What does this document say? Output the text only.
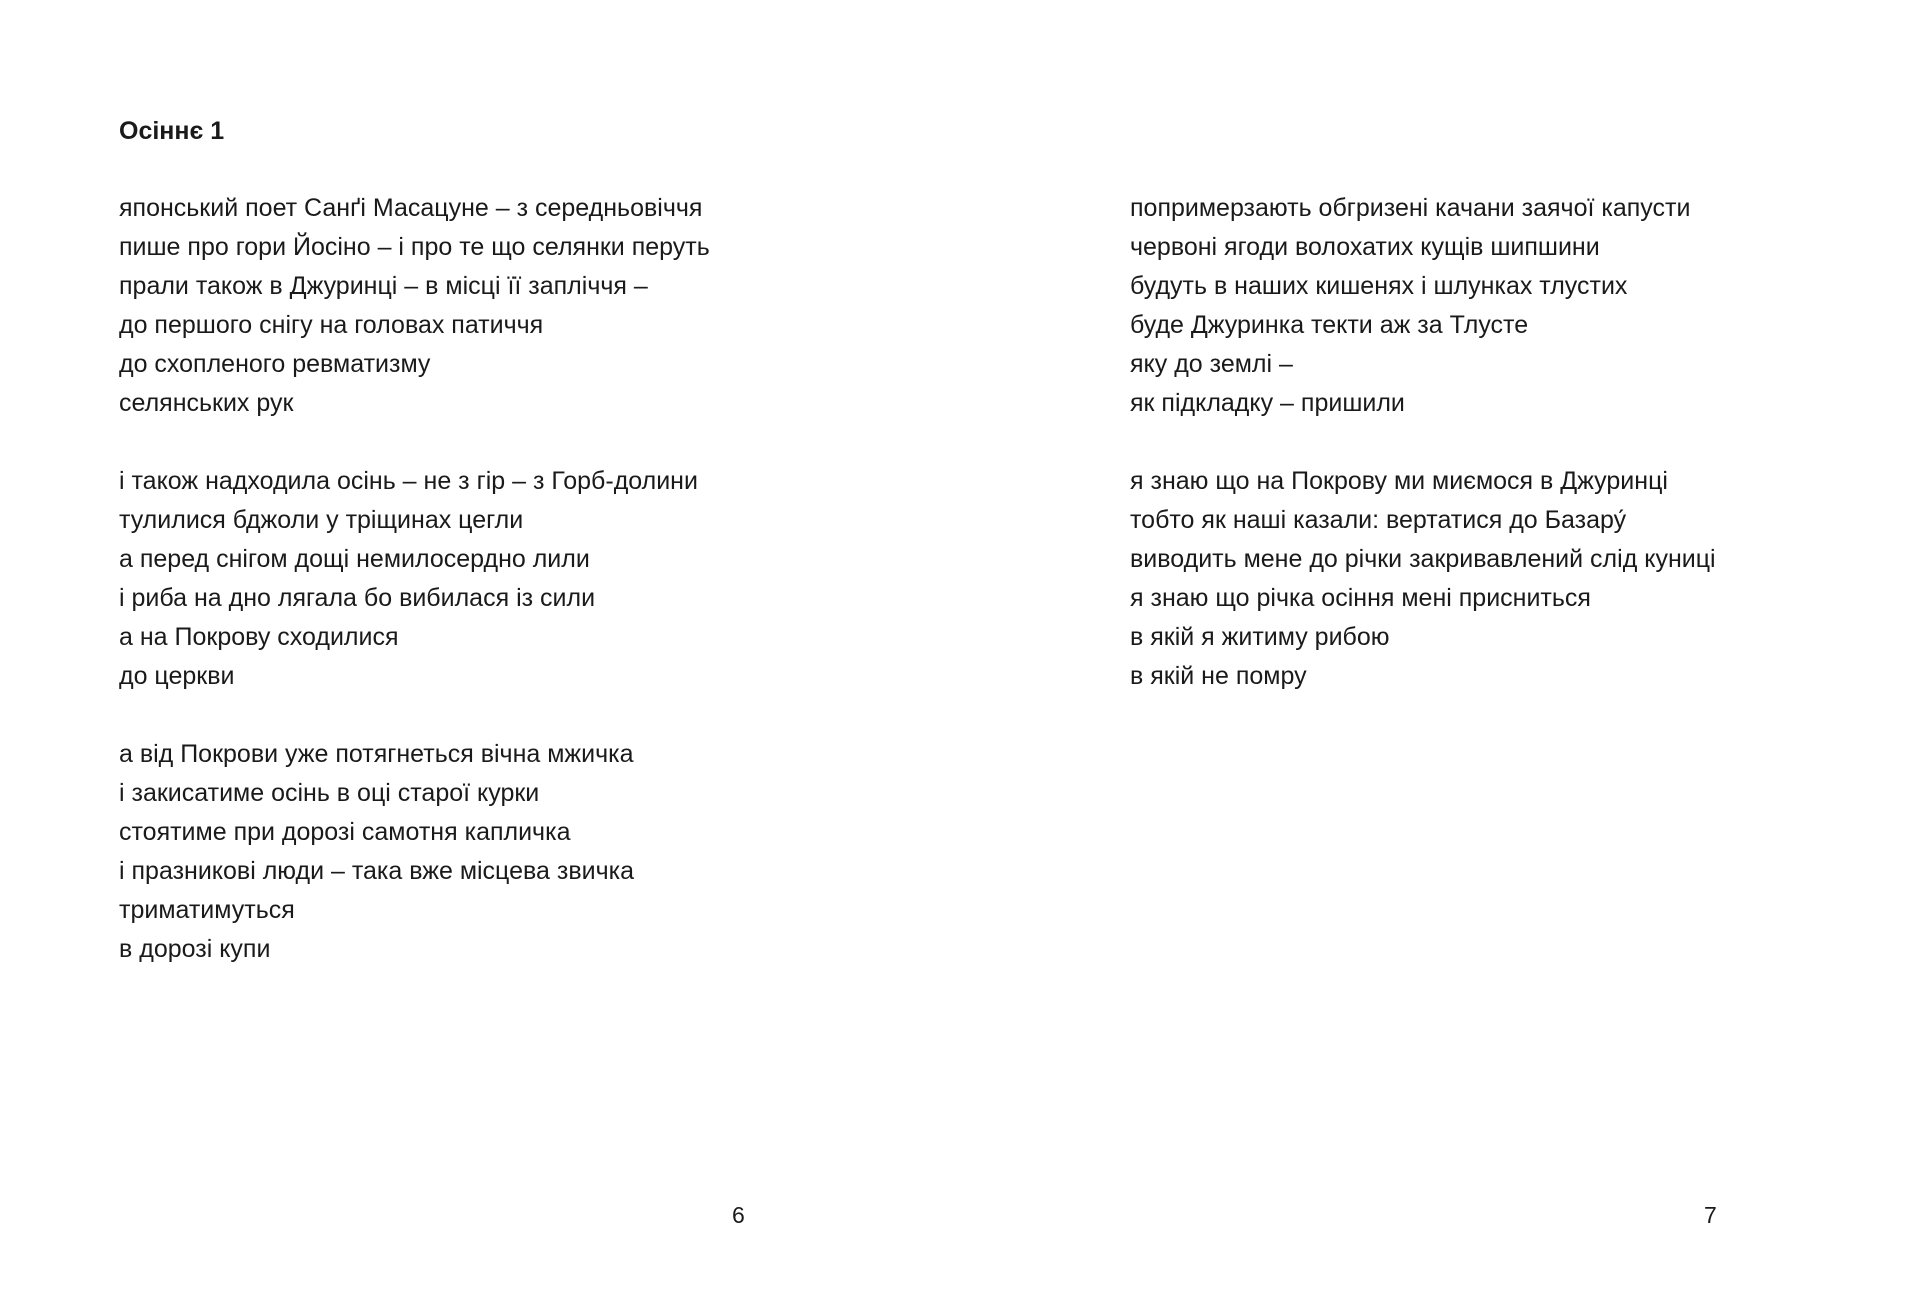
Осіннє 1
японський поет Санґі Масацуне – з середньовіччя
пише про гори Йосіно – і про те що селянки перуть
прали також в Джуринці – в місці її запліччя –
до першого снігу на головах патиччя
до схопленого ревматизму
селянських рук
і також надходила осінь – не з гір – з Горб-долини
тулилися бджоли у тріщинах цегли
а перед снігом дощі немилосердно лили
і риба на дно лягала бо вибилася із сили
а на Покрову сходилися
до церкви
а від Покрови уже потягнеться вічна мжичка
і закисатиме осінь в оці старої курки
стоятиме при дорозі самотня капличка
і празникові люди – така вже місцева звичка
триматимуться
в дорозі купи
6
попримерзають обгризені качани заячої капусти
червоні ягоди волохатих кущів шипшини
будуть в наших кишенях і шлунках тлустих
буде Джуринка текти аж за Тлусте
яку до землі –
як підкладку – пришили
я знаю що на Покрову ми миємося в Джуринці
тобто як наші казали: вертатися до Базару́
виводить мене до річки закривавлений слід куниці
я знаю що річка осіння мені присниться
в якій я житиму рибою
в якій не помру
7
